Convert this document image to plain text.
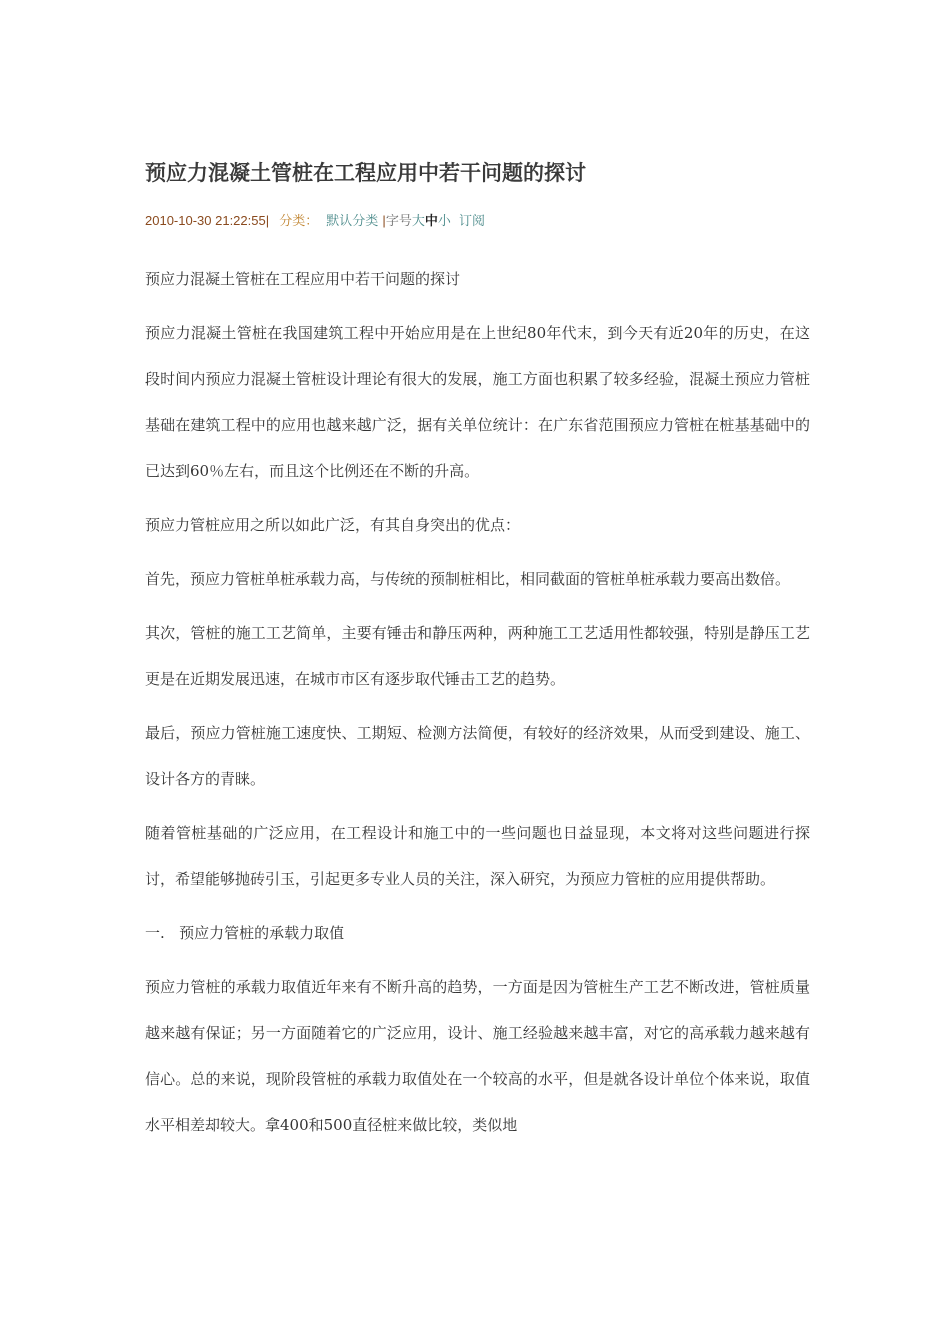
预应力混凝土管桩在工程应用中若干问题的探讨
2010-10-30 21:22:55| 分类： 默认分类 |字号大中小 订阅

预应力混凝土管桩在工程应用中若干问题的探讨

预应力混凝土管桩在我国建筑工程中开始应用是在上世纪80年代末，到今天有近20年的历史，在这段时间内预应力混凝土管桩设计理论有很大的发展，施工方面也积累了较多经验，混凝土预应力管桩基础在建筑工程中的应用也越来越广泛，据有关单位统计：在广东省范围预应力管桩在桩基基础中的已达到60％左右，而且这个比例还在不断的升高。

预应力管桩应用之所以如此广泛，有其自身突出的优点：

首先，预应力管桩单桩承载力高，与传统的预制桩相比，相同截面的管桩单桩承载力要高出数倍。

其次，管桩的施工工艺简单，主要有锤击和静压两种，两种施工工艺适用性都较强，特别是静压工艺更是在近期发展迅速，在城市市区有逐步取代锤击工艺的趋势。

最后，预应力管桩施工速度快、工期短、检测方法简便，有较好的经济效果，从而受到建设、施工、设计各方的青睐。

随着管桩基础的广泛应用，在工程设计和施工中的一些问题也日益显现，本文将对这些问题进行探讨，希望能够抛砖引玉，引起更多专业人员的关注，深入研究，为预应力管桩的应用提供帮助。

一.   预应力管桩的承载力取值

预应力管桩的承载力取值近年来有不断升高的趋势，一方面是因为管桩生产工艺不断改进，管桩质量越来越有保证；另一方面随着它的广泛应用，设计、施工经验越来越丰富，对它的高承载力越来越有信心。总的来说，现阶段管桩的承载力取值处在一个较高的水平，但是就各设计单位个体来说，取值水平相差却较大。拿400和500直径桩来做比较，类似地
